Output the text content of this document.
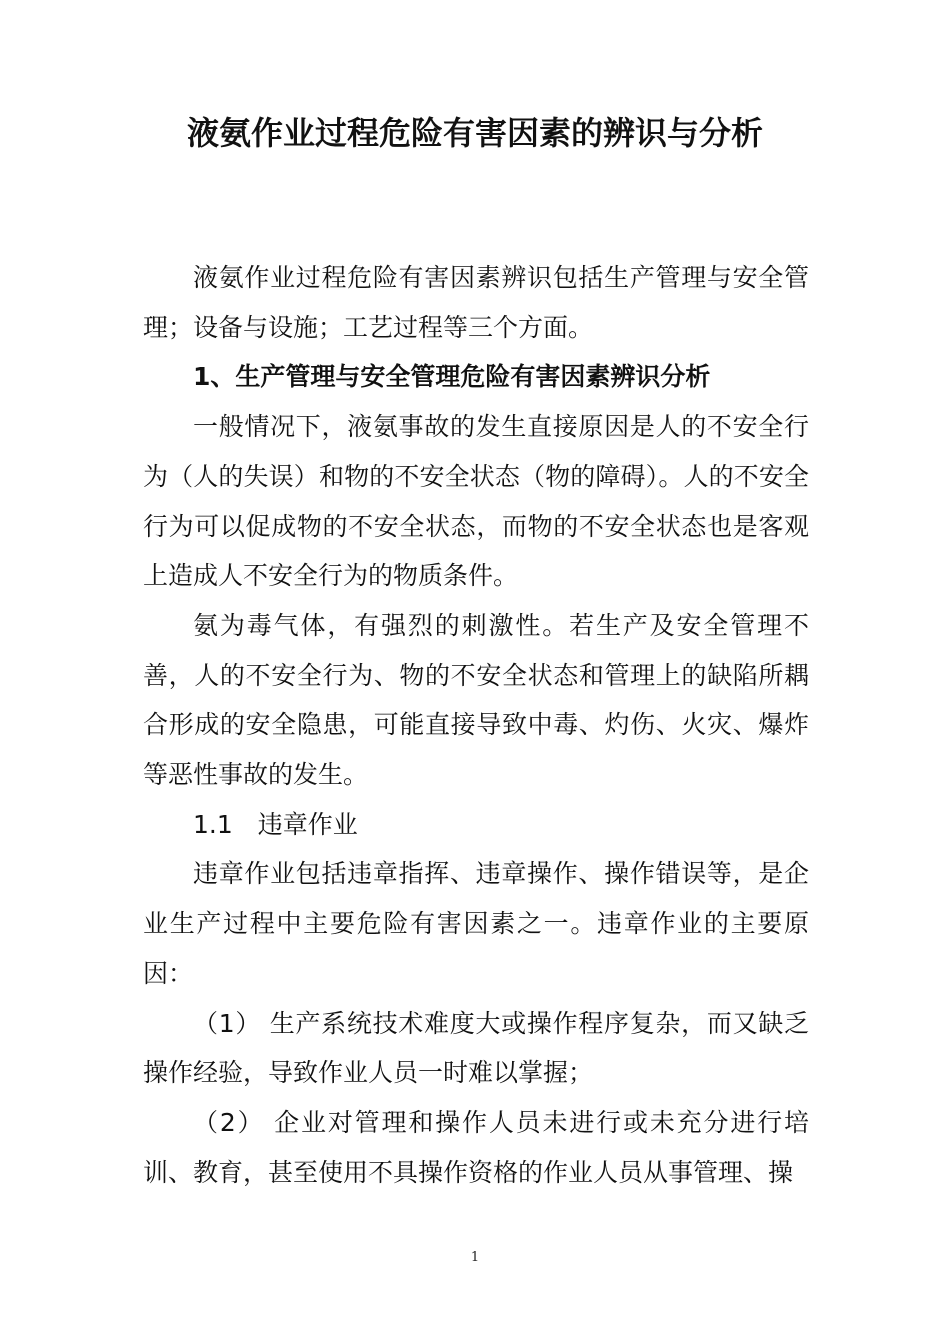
液氨作业过程危险有害因素的辨识与分析

液氨作业过程危险有害因素辨识包括生产管理与安全管理；设备与设施；工艺过程等三个方面。

1、生产管理与安全管理危险有害因素辨识分析

一般情况下，液氨事故的发生直接原因是人的不安全行为（人的失误）和物的不安全状态（物的障碍）。人的不安全行为可以促成物的不安全状态，而物的不安全状态也是客观上造成人不安全行为的物质条件。

氨为毒气体，有强烈的刺激性。若生产及安全管理不善，人的不安全行为、物的不安全状态和管理上的缺陷所耦合形成的安全隐患，可能直接导致中毒、灼伤、火灾、爆炸等恶性事故的发生。

1.1　违章作业

违章作业包括违章指挥、违章操作、操作错误等，是企业生产过程中主要危险有害因素之一。违章作业的主要原因：

（1） 生产系统技术难度大或操作程序复杂，而又缺乏操作经验，导致作业人员一时难以掌握；

（2） 企业对管理和操作人员未进行或未充分进行培训、教育，甚至使用不具操作资格的作业人员从事管理、操

1
